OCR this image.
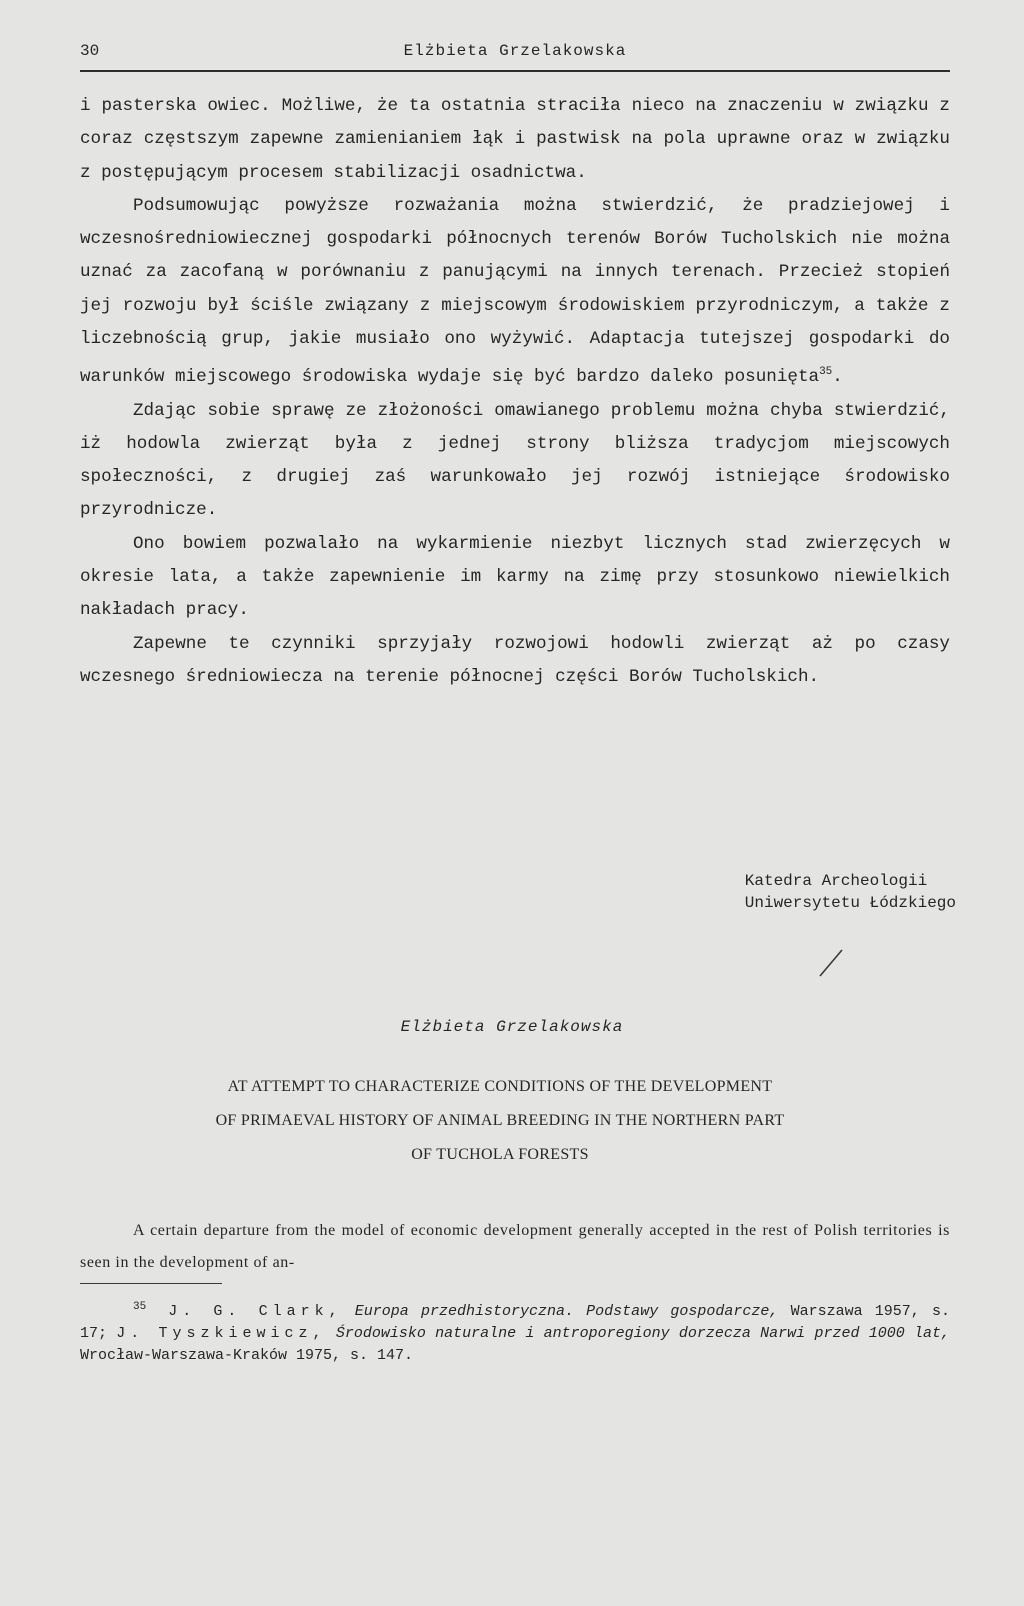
30	Elżbieta Grzelakowska

i pasterska owiec. Możliwe, że ta ostatnia straciła nieco na znaczeniu w związku z coraz częstszym zapewne zamienianiem łąk i pastwisk na pola uprawne oraz w związku z postępującym procesem stabilizacji osadnictwa.

Podsumowując powyższe rozważania można stwierdzić, że pradziejowej i wczesnośredniowiecznej gospodarki północnych terenów Borów Tucholskich nie można uznać za zacofaną w porównaniu z panującymi na innych terenach. Przecież stopień jej rozwoju był ściśle związany z miejscowym środowiskiem przyrodniczym, a także z liczebnością grup, jakie musiało ono wyżywić. Adaptacja tutejszej gospodarki do warunków miejscowego środowiska wydaje się być bardzo daleko posunięta$^{35}$.

Zdając sobie sprawę ze złożoności omawianego problemu można chyba stwierdzić, iż hodowla zwierząt była z jednej strony bliższa tradycjom miejscowych społeczności, z drugiej zaś warunkowało jej rozwój istniejące środowisko przyrodnicze.

Ono bowiem pozwalało na wykarmienie niezbyt licznych stad zwierzęcych w okresie lata, a także zapewnienie im karmy na zimę przy stosunkowo niewielkich nakładach pracy.

Zapewne te czynniki sprzyjały rozwojowi hodowli zwierząt aż po czasy wczesnego średniowiecza na terenie północnej części Borów Tucholskich.

Katedra Archeologii
Uniwersytetu Łódzkiego
Elżbieta Grzelakowska
AT ATTEMPT TO CHARACTERIZE CONDITIONS OF THE DEVELOPMENT
OF PRIMAEVAL HISTORY OF ANIMAL BREEDING IN THE NORTHERN PART
OF TUCHOLA FORESTS

A certain departure from the model of economic development generally accepted in the rest of Polish territories is seen in the development of an-

$^{35}$ J. G. Clark, Europa przedhistoryczna. Podstawy gospodarcze, Warszawa 1957, s. 17; J. Tyszkiewicz, Środowisko naturalne i antroporegiony dorzecza Narwi przed 1000 lat, Wrocław-Warszawa-Kraków 1975, s. 147.
